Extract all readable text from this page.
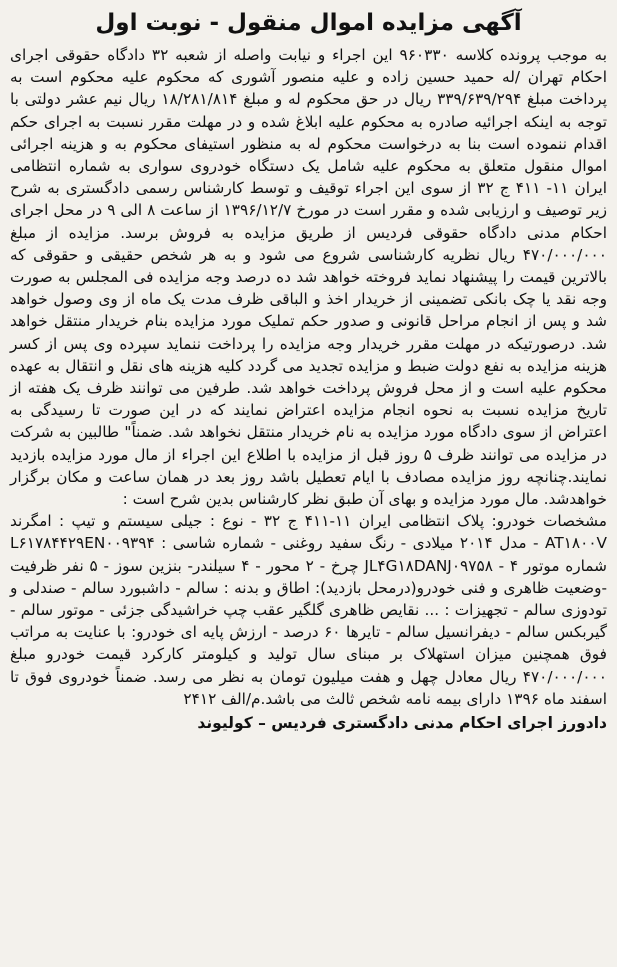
آگهی مزایده اموال منقول - نوبت اول

به موجب پرونده کلاسه ۹۶۰۳۳۰ این اجراء و نیابت واصله از شعبه ۳۲ دادگاه حقوقی اجرای احکام تهران /له حمید حسین زاده و علیه منصور آشوری که محکوم علیه محکوم است به پرداخت مبلغ ۳۳۹/۶۳۹/۲۹۴ ریال در حق محکوم له و مبلغ ۱۸/۲۸۱/۸۱۴ ریال نیم عشر دولتی با توجه به اینکه اجرائیه صادره به محکوم علیه ابلاغ شده و در مهلت مقرر نسبت به اجرای حکم اقدام ننموده است بنا به درخواست محکوم له به منظور استیفای محکوم به و هزینه اجرائی اموال منقول متعلق به محکوم علیه شامل یک دستگاه خودروی سواری به شماره انتظامی ایران ۱۱- ۴۱۱ ج ۳۲ از سوی این اجراء توقیف و توسط کارشناس رسمی دادگستری به شرح زیر توصیف و ارزیابی شده و مقرر است در مورخ ۱۳۹۶/۱۲/۷ از ساعت ۸ الی ۹ در محل اجرای احکام مدنی دادگاه حقوقی فردیس از طریق مزایده به فروش برسد. مزایده از مبلغ ۴۷۰/۰۰۰/۰۰۰ ریال نظریه کارشناسی شروع می شود و به هر شخص حقیقی و حقوقی که بالاترین قیمت را پیشنهاد نماید فروخته خواهد شد ده درصد وجه مزایده فی المجلس به صورت وجه نقد یا چک بانکی تضمینی از خریدار اخذ و الباقی ظرف مدت یک ماه از وی وصول خواهد شد و پس از انجام مراحل قانونی و صدور حکم تملیک مورد مزایده بنام خریدار منتقل خواهد شد. درصورتیکه در مهلت مقرر خریدار وجه مزایده را پرداخت ننماید سپرده وی پس از کسر هزینه مزایده به نفع دولت ضبط و مزایده تجدید می گردد کلیه هزینه های نقل و انتقال به عهده محکوم علیه است و از محل فروش پرداخت خواهد شد. طرفین می توانند ظرف یک هفته از تاریخ مزایده نسبت به نحوه انجام مزایده اعتراض نمایند که در این صورت تا رسیدگی به اعتراض از سوی دادگاه مورد مزایده به نام خریدار منتقل نخواهد شد. ضمناً" طالبین به شرکت در مزایده می توانند ظرف ۵ روز قبل از مزایده با اطلاع این اجراء از مال مورد مزایده بازدید نمایند.چنانچه روز مزایده مصادف با ایام تعطیل باشد روز بعد در همان ساعت و مکان برگزار خواهدشد. مال مورد مزایده و بهای آن طبق نظر کارشناس بدین شرح است :

مشخصات خودرو: پلاک انتظامی ایران ۱۱-۴۱۱ ج ۳۲ - نوع : جیلی سیستم و تیپ : امگرند AT۱۸۰۰V - مدل ۲۰۱۴ میلادی - رنگ سفید روغنی - شماره شاسی : L۶۱۷۸۴۴۲۹EN۰۰۹۳۹۴ شماره موتور JL۴G۱۸DANJ۰۹۷۵۸ - ۴ چرخ - ۲ محور - ۴ سیلندر- بنزین سوز - ۵ نفر ظرفیت -وضعیت ظاهری و فنی خودرو(درمحل بازدید): اطاق و بدنه : سالم - داشبورد سالم - صندلی و تودوزی سالم - تجهیزات : ... نقایص ظاهری گلگیر عقب چپ خراشیدگی جزئی - موتور سالم - گیربکس سالم - دیفرانسیل سالم - تایرها ۶۰ درصد - ارزش پایه ای خودرو: با عنایت به مراتب فوق همچنین میزان استهلاک بر مبنای سال تولید و کیلومتر کارکرد قیمت خودرو مبلغ ۴۷۰/۰۰۰/۰۰۰ ریال معادل چهل و هفت میلیون تومان به نظر می رسد. ضمناً خودروی فوق تا اسفند ماه ۱۳۹۶ دارای بیمه نامه شخص ثالث می باشد.م/الف ۲۴۱۲

دادورز اجرای احکام مدنی دادگستری فردیس – کولیوند
